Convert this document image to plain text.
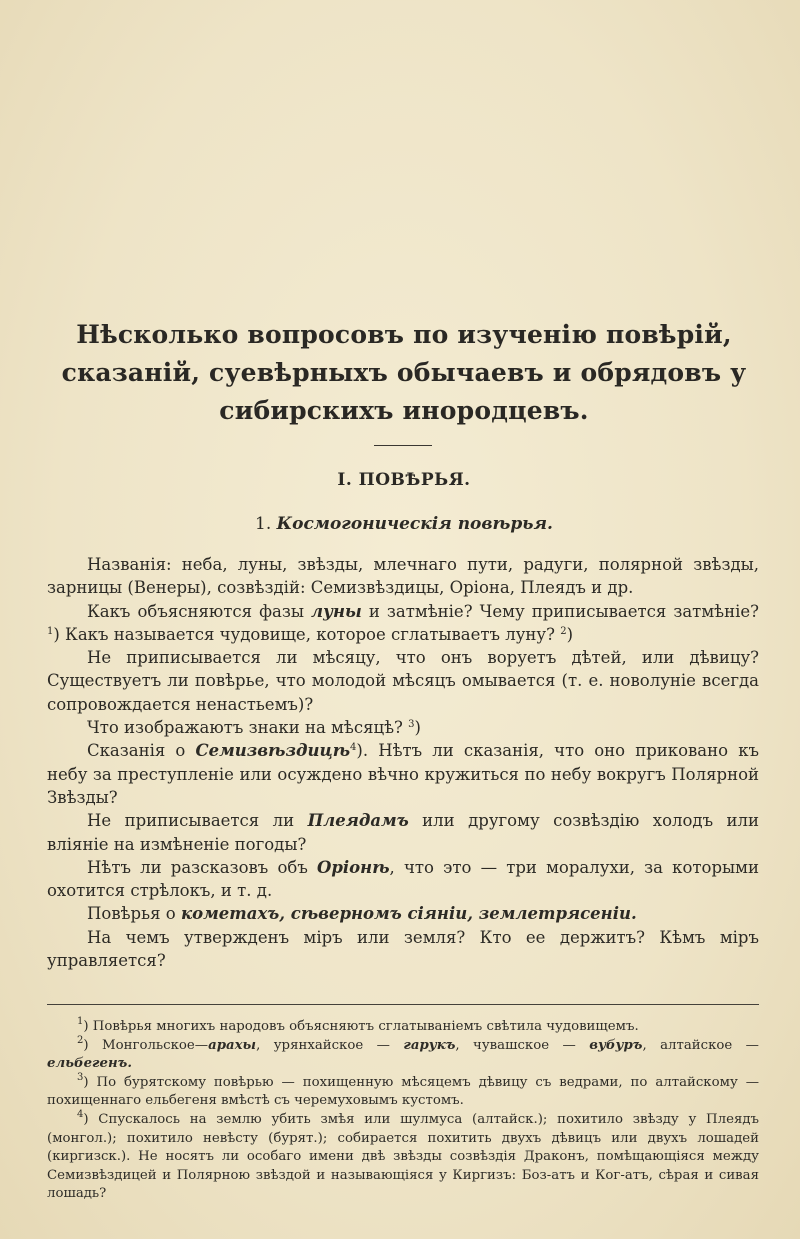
Нѣсколько вопросовъ по изученію повѣрій, сказаній, суевѣрныхъ обычаевъ и обрядовъ у сибирскихъ инородцевъ.
I. ПОВѢРЬЯ.
1. Космогоническія повѣрья.

Названія: неба, луны, звѣзды, млечнаго пути, радуги, полярной звѣзды, зарницы (Венеры), созвѣздій: Семизвѣздицы, Оріона, Плеядъ и др.

Какъ объясняются фазы луны и затмѣніе? Чему приписывается затмѣніе? $^1$) Какъ называется чудовище, которое сглатываетъ луну? $^2$)

Не приписывается ли мѣсяцу, что онъ воруетъ дѣтей, или дѣвицу? Существуетъ ли повѣрье, что молодой мѣсяцъ омывается (т. е. новолуніе всегда сопровождается ненастьемъ)?

Что изображаютъ знаки на мѣсяцѣ? $^3$)

Сказанія о Семизвѣздицѣ$^4$). Нѣтъ ли сказанія, что оно приковано къ небу за преступленіе или осуждено вѣчно кружиться по небу вокругъ Полярной Звѣзды?

Не приписывается ли Плеядамъ или другому созвѣздію холодъ или вліяніе на измѣненіе погоды?

Нѣтъ ли разсказовъ объ Оріонѣ, что это — три моралухи, за которыми охотится стрѣлокъ, и т. д.

Повѣрья о кометахъ, сѣверномъ сіяніи, землетрясеніи.

На чемъ утвержденъ міръ или земля? Кто ее держитъ? Кѣмъ міръ управляется?

$^1$) Повѣрья многихъ народовъ объясняютъ сглатываніемъ свѣтила чудовищемъ.

$^2$) Монгольское—арахы, урянхайское — гарукъ, чувашское — вубуръ, алтайское — ельбегенъ.

$^3$) По бурятскому повѣрью — похищенную мѣсяцемъ дѣвицу съ ведрами, по алтайскому — похищеннаго ельбегеня вмѣстѣ съ черемуховымъ кустомъ.

$^4$) Спускалось на землю убить змѣя или шулмуса (алтайск.); похитило звѣзду у Плеядъ (монгол.); похитило невѣсту (бурят.); собирается похитить двухъ дѣвицъ или двухъ лошадей (киргизск.). Не носятъ ли особаго имени двѣ звѣзды созвѣздія Драконъ, помѣщающіяся между Семизвѣздицей и Полярною звѣздой и называющіяся у Киргизъ: Боз-атъ и Ког-атъ, сѣрая и сивая лошадь?
